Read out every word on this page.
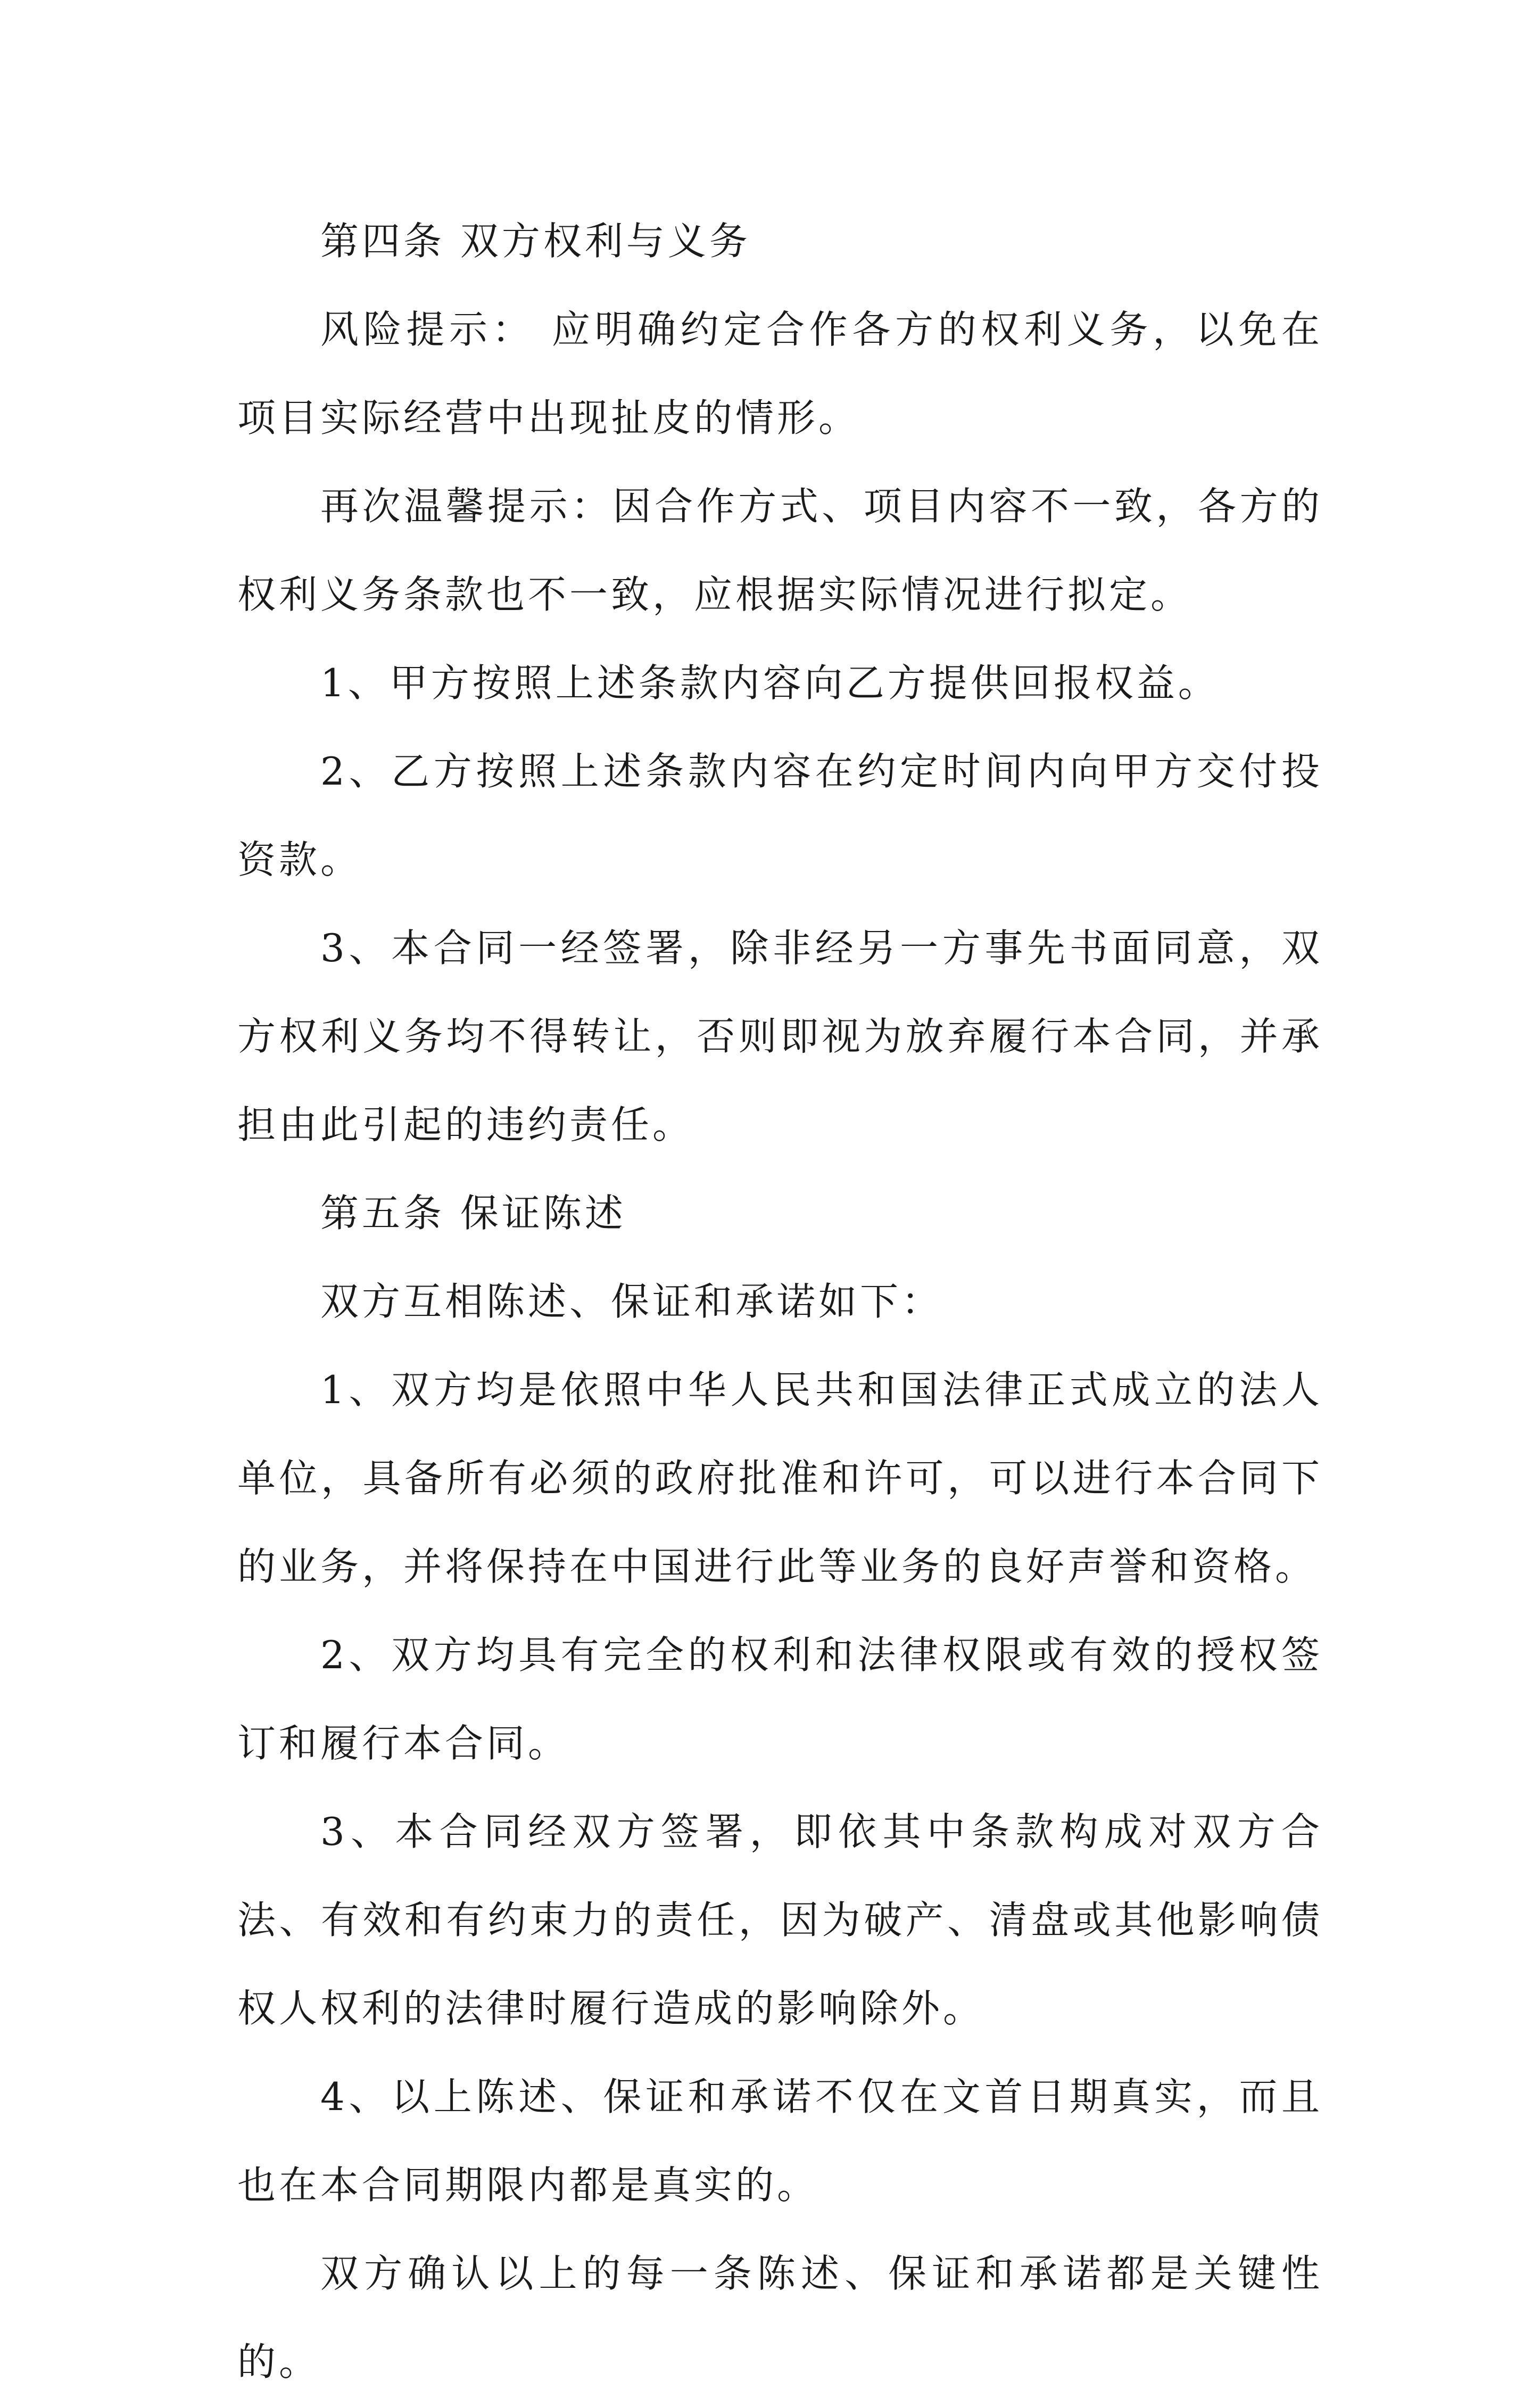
第四条 双方权利与义务

风险提示： 应明确约定合作各方的权利义务，以免在项目实际经营中出现扯皮的情形。

再次温馨提示：因合作方式、项目内容不一致，各方的权利义务条款也不一致，应根据实际情况进行拟定。

1、甲方按照上述条款内容向乙方提供回报权益。

2、乙方按照上述条款内容在约定时间内向甲方交付投资款。

3、本合同一经签署，除非经另一方事先书面同意，双方权利义务均不得转让，否则即视为放弃履行本合同，并承担由此引起的违约责任。

第五条 保证陈述

双方互相陈述、保证和承诺如下：

1、双方均是依照中华人民共和国法律正式成立的法人单位，具备所有必须的政府批准和许可，可以进行本合同下的业务，并将保持在中国进行此等业务的良好声誉和资格。

2、双方均具有完全的权利和法律权限或有效的授权签订和履行本合同。

3、本合同经双方签署，即依其中条款构成对双方合法、有效和有约束力的责任，因为破产、清盘或其他影响债权人权利的法律时履行造成的影响除外。

4、以上陈述、保证和承诺不仅在文首日期真实，而且也在本合同期限内都是真实的。

双方确认以上的每一条陈述、保证和承诺都是关键性的。
